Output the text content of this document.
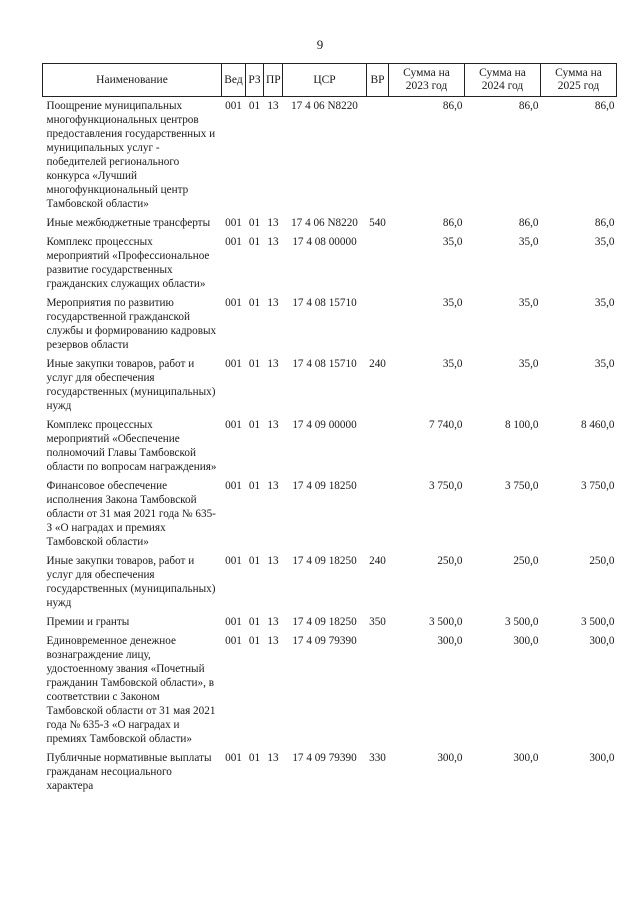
9
Наименование	Вед	РЗ	ПР	ЦСР	ВР	Сумма на 2023 год	Сумма на 2024 год	Сумма на 2025 год
Поощрение муниципальных многофункциональных центров предоставления государственных и муниципальных услуг - победителей регионального конкурса «Лучший многофункциональный центр Тамбовской области»	001	01	13	17 4 06 N8220		86,0	86,0	86,0
Иные межбюджетные трансферты	001	01	13	17 4 06 N8220	540	86,0	86,0	86,0
Комплекс процессных мероприятий «Профессиональное развитие государственных гражданских служащих области»	001	01	13	17 4 08 00000		35,0	35,0	35,0
Мероприятия по развитию государственной гражданской службы и формированию кадровых резервов области	001	01	13	17 4 08 15710		35,0	35,0	35,0
Иные закупки товаров, работ и услуг для обеспечения государственных (муниципальных) нужд	001	01	13	17 4 08 15710	240	35,0	35,0	35,0
Комплекс процессных мероприятий «Обеспечение полномочий Главы Тамбовской области по вопросам награждения»	001	01	13	17 4 09 00000		7 740,0	8 100,0	8 460,0
Финансовое обеспечение исполнения Закона Тамбовской области от 31 мая 2021 года № 635-З «О наградах и премиях Тамбовской области»	001	01	13	17 4 09 18250		3 750,0	3 750,0	3 750,0
Иные закупки товаров, работ и услуг для обеспечения государственных (муниципальных) нужд	001	01	13	17 4 09 18250	240	250,0	250,0	250,0
Премии и гранты	001	01	13	17 4 09 18250	350	3 500,0	3 500,0	3 500,0
Единовременное денежное вознаграждение лицу, удостоенному звания «Почетный гражданин Тамбовской области», в соответствии с Законом Тамбовской области от 31 мая 2021 года № 635-З «О наградах и премиях Тамбовской области»	001	01	13	17 4 09 79390		300,0	300,0	300,0
Публичные нормативные выплаты гражданам несоциального характера	001	01	13	17 4 09 79390	330	300,0	300,0	300,0
